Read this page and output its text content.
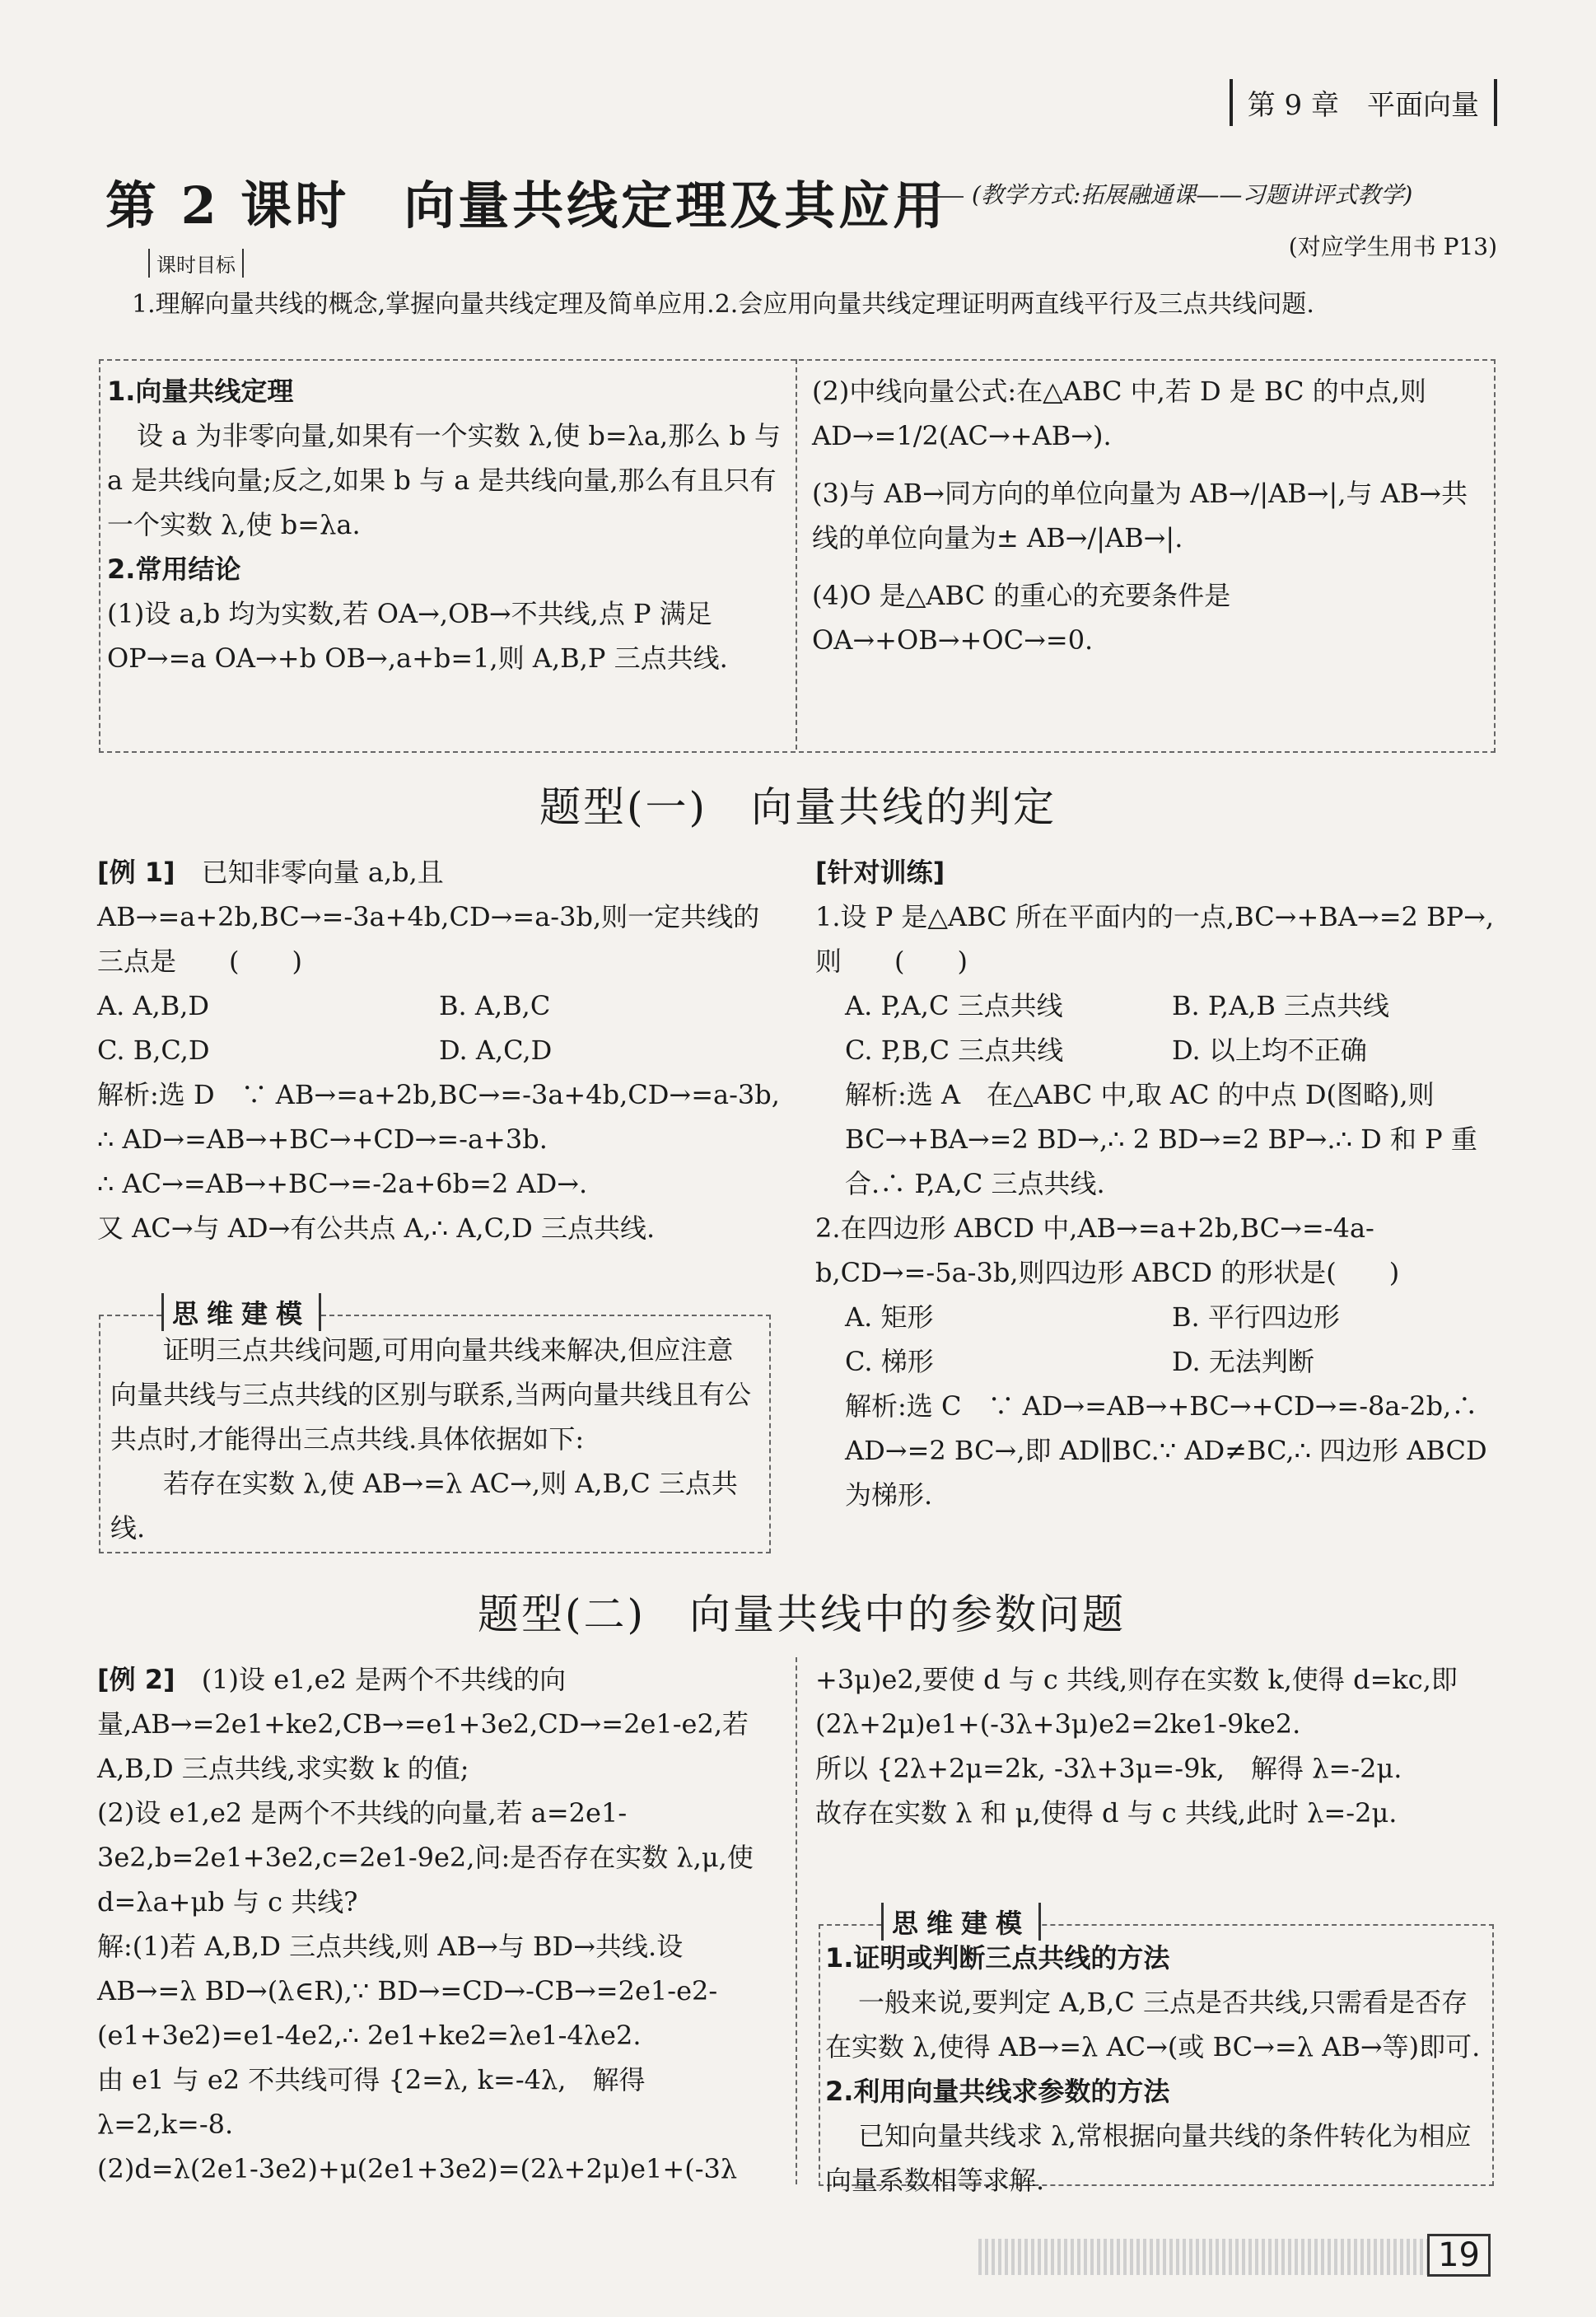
第 9 章　平面向量
第 2 课时　向量共线定理及其应用 (教学方式:拓展融通课——习题讲评式教学)
(对应学生用书 P13)
课时目标
1.理解向量共线的概念,掌握向量共线定理及简单应用.2.会应用向量共线定理证明两直线平行及三点共线问题.

1.向量共线定理

设 a 为非零向量,如果有一个实数 λ,使 b=λa,那么 b 与 a 是共线向量;反之,如果 b 与 a 是共线向量,那么有且只有一个实数 λ,使 b=λa.

2.常用结论

(1)设 a,b 均为实数,若 OA→,OB→不共线,点 P 满足 OP→=a OA→+b OB→,a+b=1,则 A,B,P 三点共线.

(2)中线向量公式:在△ABC 中,若 D 是 BC 的中点,则 AD→=1/2(AC→+AB→).

(3)与 AB→同方向的单位向量为 AB→/|AB→|,与 AB→共线的单位向量为± AB→/|AB→|.

(4)O 是△ABC 的重心的充要条件是 OA→+OB→+OC→=0.

题型(一)　向量共线的判定

[例 1]　 已知非零向量 a,b,且 AB→=a+2b,BC→=-3a+4b,CD→=a-3b,则一定共线的三点是　　(　　)

A. A,B,D	B. A,B,C
C. B,C,D	D. A,C,D

解析:选 D　∵ AB→=a+2b,BC→=-3a+4b,CD→=a-3b,

∴ AD→=AB→+BC→+CD→=-a+3b.

∴ AC→=AB→+BC→=-2a+6b=2 AD→.

又 AC→与 AD→有公共点 A,∴ A,C,D 三点共线.

思维建模

证明三点共线问题,可用向量共线来解决,但应注意向量共线与三点共线的区别与联系,当两向量共线且有公共点时,才能得出三点共线.具体依据如下:

若存在实数 λ,使 AB→=λ AC→,则 A,B,C 三点共线.

[针对训练]

1.设 P 是△ABC 所在平面内的一点,BC→+BA→=2 BP→,则　　(　　)

A. P,A,C 三点共线	B. P,A,B 三点共线
C. P,B,C 三点共线	D. 以上均不正确

解析:选 A　在△ABC 中,取 AC 的中点 D(图略),则 BC→+BA→=2 BD→,∴ 2 BD→=2 BP→.∴ D 和 P 重合.∴ P,A,C 三点共线.

2.在四边形 ABCD 中,AB→=a+2b,BC→=-4a-b,CD→=-5a-3b,则四边形 ABCD 的形状是(　　)

A. 矩形	B. 平行四边形
C. 梯形	D. 无法判断

解析:选 C　∵ AD→=AB→+BC→+CD→=-8a-2b,∴ AD→=2 BC→,即 AD∥BC.∵ AD≠BC,∴ 四边形 ABCD 为梯形.

题型(二)　向量共线中的参数问题

[例 2]　 (1)设 e1,e2 是两个不共线的向量,AB→=2e1+ke2,CB→=e1+3e2,CD→=2e1-e2,若 A,B,D 三点共线,求实数 k 的值;

(2)设 e1,e2 是两个不共线的向量,若 a=2e1-3e2,b=2e1+3e2,c=2e1-9e2,问:是否存在实数 λ,μ,使 d=λa+μb 与 c 共线?

解:(1)若 A,B,D 三点共线,则 AB→与 BD→共线.设 AB→=λ BD→(λ∈R),∵ BD→=CD→-CB→=2e1-e2-(e1+3e2)=e1-4e2,∴ 2e1+ke2=λe1-4λe2.

由 e1 与 e2 不共线可得 {2=λ, k=-4λ,　解得 λ=2,k=-8.

(2)d=λ(2e1-3e2)+μ(2e1+3e2)=(2λ+2μ)e1+(-3λ

+3μ)e2,要使 d 与 c 共线,则存在实数 k,使得 d=kc,即 (2λ+2μ)e1+(-3λ+3μ)e2=2ke1-9ke2.

所以 {2λ+2μ=2k, -3λ+3μ=-9k,　解得 λ=-2μ.

故存在实数 λ 和 μ,使得 d 与 c 共线,此时 λ=-2μ.

思维建模

1.证明或判断三点共线的方法

一般来说,要判定 A,B,C 三点是否共线,只需看是否存在实数 λ,使得 AB→=λ AC→(或 BC→=λ AB→等)即可.

2.利用向量共线求参数的方法

已知向量共线求 λ,常根据向量共线的条件转化为相应向量系数相等求解.

19
